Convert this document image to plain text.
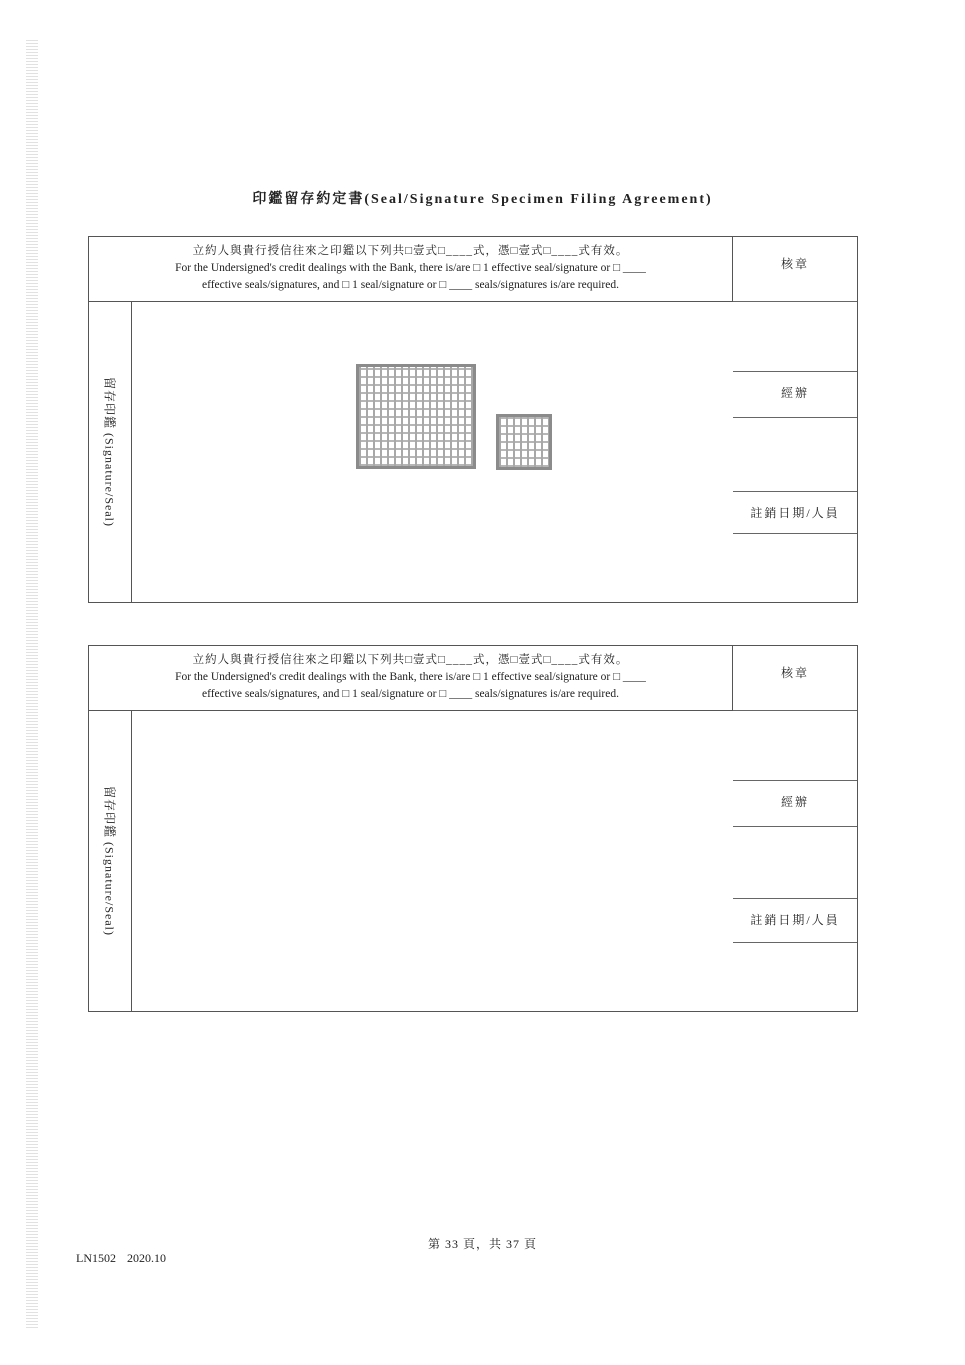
印鑑留存約定書(Seal/Signature Specimen Filing Agreement)
立約人與貴行授信往來之印鑑以下列共□壹式□____式，憑□壹式□____式有效。
For the Undersigned's credit dealings with the Bank, there is/are □ 1 effective seal/signature or □ ____
effective seals/signatures, and □ 1 seal/signature or □ ____ seals/signatures is/are required.
留存印鑑 (Signature/Seal)
核章
經辦
註銷日期/人員
立約人與貴行授信往來之印鑑以下列共□壹式□____式，憑□壹式□____式有效。
For the Undersigned's credit dealings with the Bank, there is/are □ 1 effective seal/signature or □ ____
effective seals/signatures, and □ 1 seal/signature or □ ____ seals/signatures is/are required.
留存印鑑 (Signature/Seal)
核章
經辦
註銷日期/人員
第 33 頁，共 37 頁
LN1502 2020.10
